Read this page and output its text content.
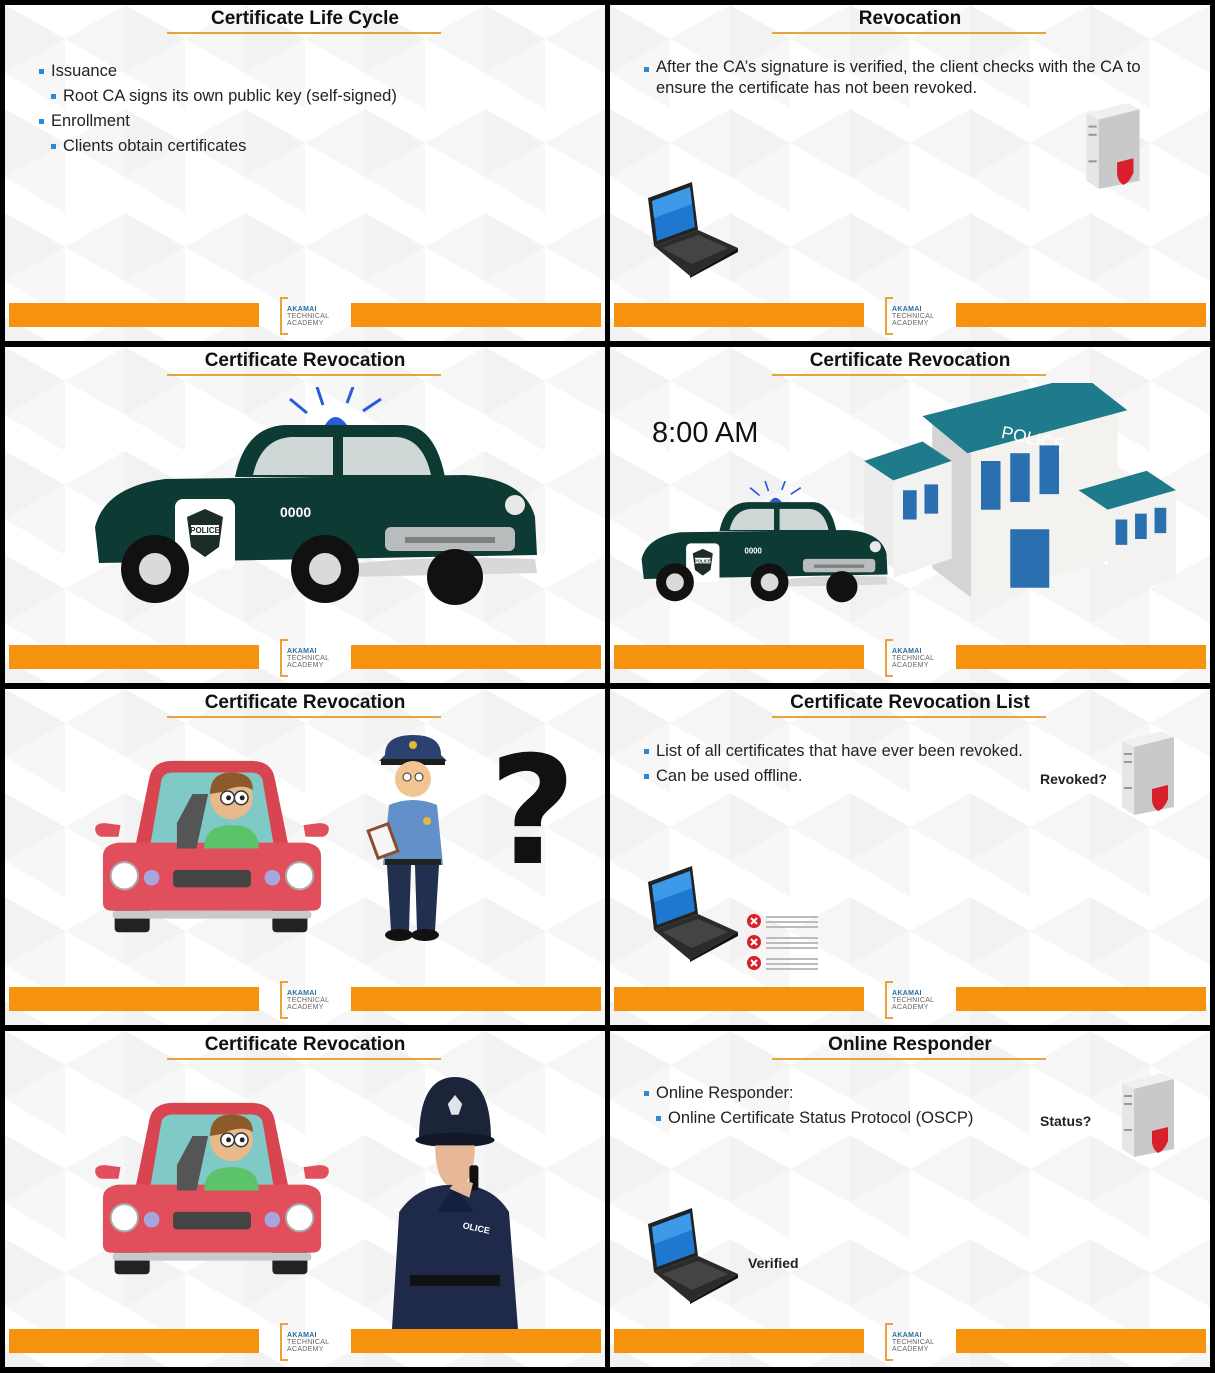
Certificate Life Cycle
Issuance
Root CA signs its own public key (self-signed)
Enrollment
Clients obtain certificates
AKAMAI
TECHNICAL
ACADEMY
Revocation
After the CA’s signature is verified, the client checks with the CA to
ensure the certificate has not been revoked.
AKAMAI
TECHNICAL
ACADEMY
Certificate Revocation
AKAMAI
TECHNICAL
ACADEMY
Certificate Revocation
8:00 AM
AKAMAI
TECHNICAL
ACADEMY
Certificate Revocation
?
AKAMAI
TECHNICAL
ACADEMY
Certificate Revocation List
List of all certificates that have ever been revoked.
Can be used offline.	Revoked?
AKAMAI
TECHNICAL
ACADEMY
Certificate Revocation
AKAMAI
TECHNICAL
ACADEMY
Online Responder
Online Responder:
Online Certificate Status Protocol (OSCP)	Status?
Verified
AKAMAI
TECHNICAL
ACADEMY
